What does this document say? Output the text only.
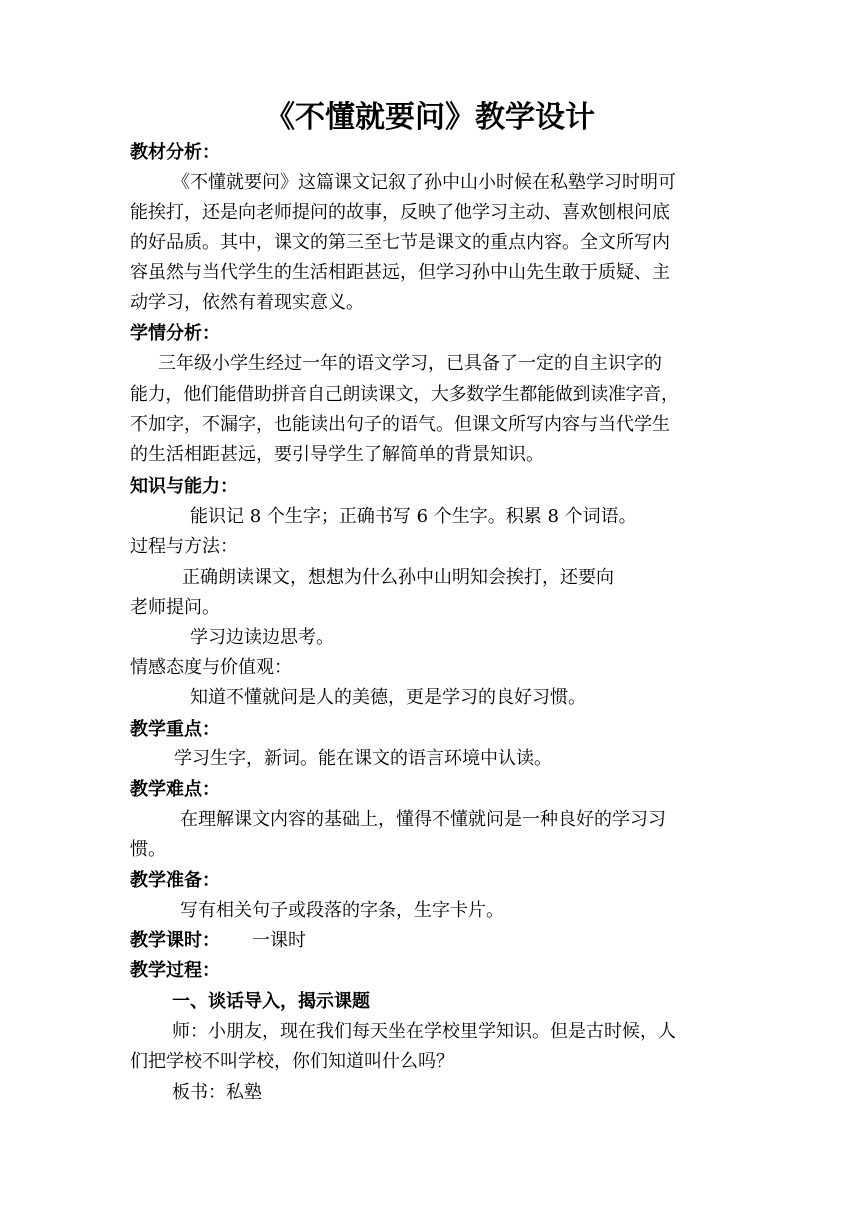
《不懂就要问》教学设计
教材分析：
《不懂就要问》这篇课文记叙了孙中山小时候在私塾学习时明可
能挨打，还是向老师提问的故事，反映了他学习主动、喜欢刨根问底
的好品质。其中，课文的第三至七节是课文的重点内容。全文所写内
容虽然与当代学生的生活相距甚远，但学习孙中山先生敢于质疑、主
动学习，依然有着现实意义。
学情分析：
三年级小学生经过一年的语文学习，已具备了一定的自主识字的
能力，他们能借助拼音自己朗读课文，大多数学生都能做到读准字音，
不加字，不漏字，也能读出句子的语气。但课文所写内容与当代学生
的生活相距甚远，要引导学生了解简单的背景知识。
知识与能力：
能识记 8 个生字；正确书写 6 个生字。积累 8 个词语。
过程与方法：
正确朗读课文，想想为什么孙中山明知会挨打，还要向
老师提问。
学习边读边思考。
情感态度与价值观：
知道不懂就问是人的美德，更是学习的良好习惯。
教学重点：
学习生字，新词。能在课文的语言环境中认读。
教学难点：
在理解课文内容的基础上，懂得不懂就问是一种良好的学习习
惯。
教学准备：
写有相关句子或段落的字条，生字卡片。
教学课时： 一课时
教学过程：
一、谈话导入，揭示课题
师：小朋友，现在我们每天坐在学校里学知识。但是古时候，人
们把学校不叫学校，你们知道叫什么吗？
板书：私塾
